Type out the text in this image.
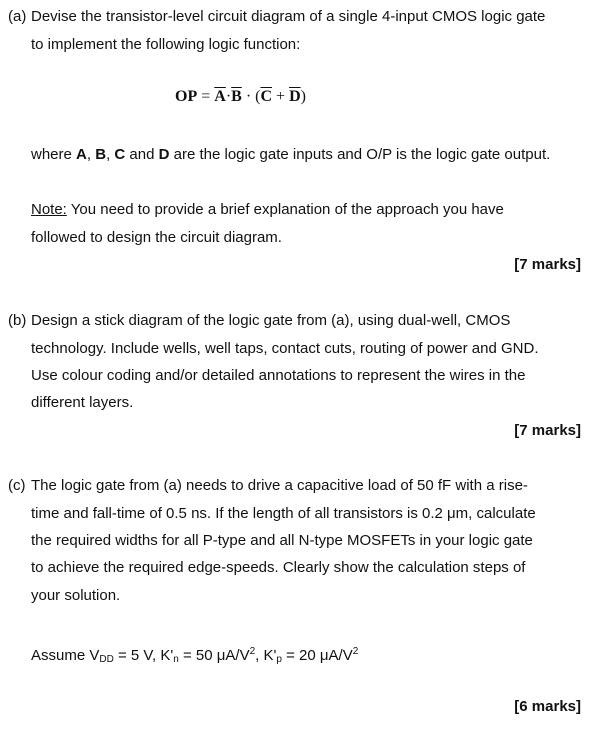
(a) Devise the transistor-level circuit diagram of a single 4-input CMOS logic gate
to implement the following logic function:
OP = $\overline{A}\cdot\overline{B} \cdot (\overline{C} + \overline{D})$
where A, B, C and D are the logic gate inputs and O/P is the logic gate output.
Note: You need to provide a brief explanation of the approach you have
followed to design the circuit diagram.
[7 marks]
(b) Design a stick diagram of the logic gate from (a), using dual-well, CMOS
technology. Include wells, well taps, contact cuts, routing of power and GND.
Use colour coding and/or detailed annotations to represent the wires in the
different layers.
[7 marks]
(c) The logic gate from (a) needs to drive a capacitive load of 50 fF with a rise-
time and fall-time of 0.5 ns. If the length of all transistors is 0.2 μm, calculate
the required widths for all P-type and all N-type MOSFETs in your logic gate
to achieve the required edge-speeds. Clearly show the calculation steps of
your solution.
Assume $V_{DD} = 5$ V, $K'_n = 50$ $\mu A/V^2$, $K'_p = 20$ $\mu A/V^2$
[6 marks]
